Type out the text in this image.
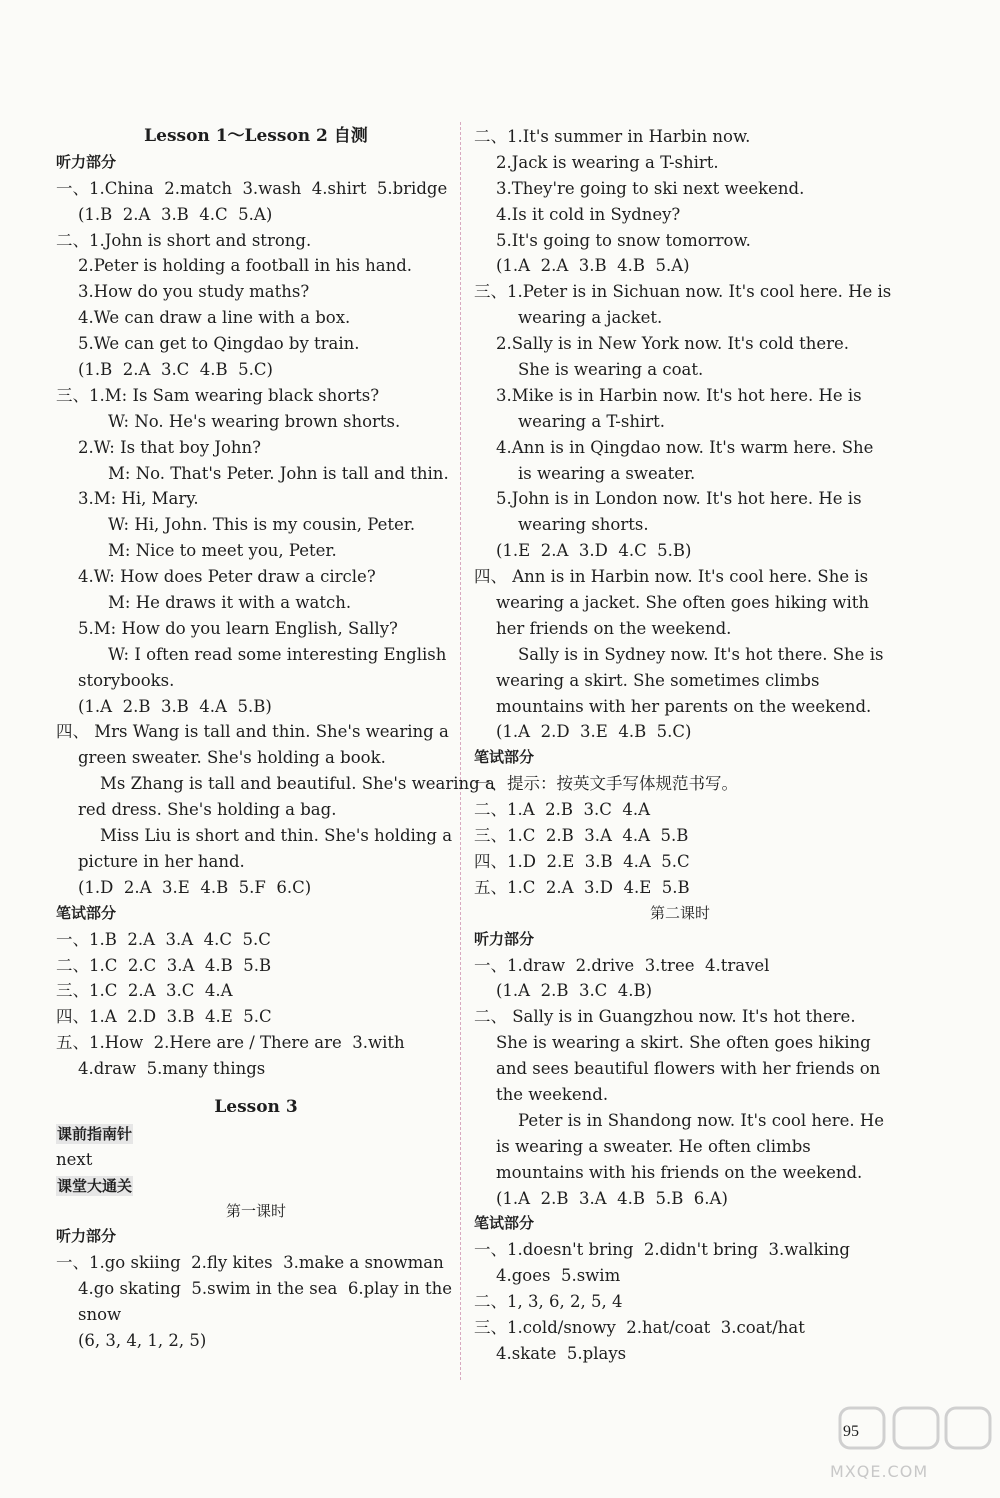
Lesson 1～Lesson 2 自测
听力部分
一、1.China  2.match  3.wash  4.shirt  5.bridge
(1.B  2.A  3.B  4.C  5.A)
二、1.John is short and strong.
2.Peter is holding a football in his hand.
3.How do you study maths?
4.We can draw a line with a box.
5.We can get to Qingdao by train.
(1.B  2.A  3.C  4.B  5.C)
三、1.M: Is Sam wearing black shorts?
W: No. He's wearing brown shorts.
2.W: Is that boy John?
M: No. That's Peter. John is tall and thin.
3.M: Hi, Mary.
W: Hi, John. This is my cousin, Peter.
M: Nice to meet you, Peter.
4.W: How does Peter draw a circle?
M: He draws it with a watch.
5.M: How do you learn English, Sally?
W: I often read some interesting English
storybooks.
(1.A  2.B  3.B  4.A  5.B)
四、 Mrs Wang is tall and thin. She's wearing a
green sweater. She's holding a book.
Ms Zhang is tall and beautiful. She's wearing a
red dress. She's holding a bag.
Miss Liu is short and thin. She's holding a
picture in her hand.
(1.D  2.A  3.E  4.B  5.F  6.C)
笔试部分
一、1.B  2.A  3.A  4.C  5.C
二、1.C  2.C  3.A  4.B  5.B
三、1.C  2.A  3.C  4.A
四、1.A  2.D  3.B  4.E  5.C
五、1.How  2.Here are / There are  3.with
4.draw  5.many things
Lesson 3
课前指南针
next
课堂大通关
第一课时
听力部分
一、1.go skiing  2.fly kites  3.make a snowman
4.go skating  5.swim in the sea  6.play in the
snow
(6, 3, 4, 1, 2, 5)
二、1.It's summer in Harbin now.
2.Jack is wearing a T-shirt.
3.They're going to ski next weekend.
4.Is it cold in Sydney?
5.It's going to snow tomorrow.
(1.A  2.A  3.B  4.B  5.A)
三、1.Peter is in Sichuan now. It's cool here. He is
wearing a jacket.
2.Sally is in New York now. It's cold there.
She is wearing a coat.
3.Mike is in Harbin now. It's hot here. He is
wearing a T-shirt.
4.Ann is in Qingdao now. It's warm here. She
is wearing a sweater.
5.John is in London now. It's hot here. He is
wearing shorts.
(1.E  2.A  3.D  4.C  5.B)
四、 Ann is in Harbin now. It's cool here. She is
wearing a jacket. She often goes hiking with
her friends on the weekend.
Sally is in Sydney now. It's hot there. She is
wearing a skirt. She sometimes climbs
mountains with her parents on the weekend.
(1.A  2.D  3.E  4.B  5.C)
笔试部分
一、提示：按英文手写体规范书写。
二、1.A  2.B  3.C  4.A
三、1.C  2.B  3.A  4.A  5.B
四、1.D  2.E  3.B  4.A  5.C
五、1.C  2.A  3.D  4.E  5.B
第二课时
听力部分
一、1.draw  2.drive  3.tree  4.travel
(1.A  2.B  3.C  4.B)
二、 Sally is in Guangzhou now. It's hot there.
She is wearing a skirt. She often goes hiking
and sees beautiful flowers with her friends on
the weekend.
Peter is in Shandong now. It's cool here. He
is wearing a sweater. He often climbs
mountains with his friends on the weekend.
(1.A  2.B  3.A  4.B  5.B  6.A)
笔试部分
一、1.doesn't bring  2.didn't bring  3.walking
4.goes  5.swim
二、1, 3, 6, 2, 5, 4
三、1.cold/snowy  2.hat/coat  3.coat/hat
4.skate  5.plays
95
MXQE.COM
